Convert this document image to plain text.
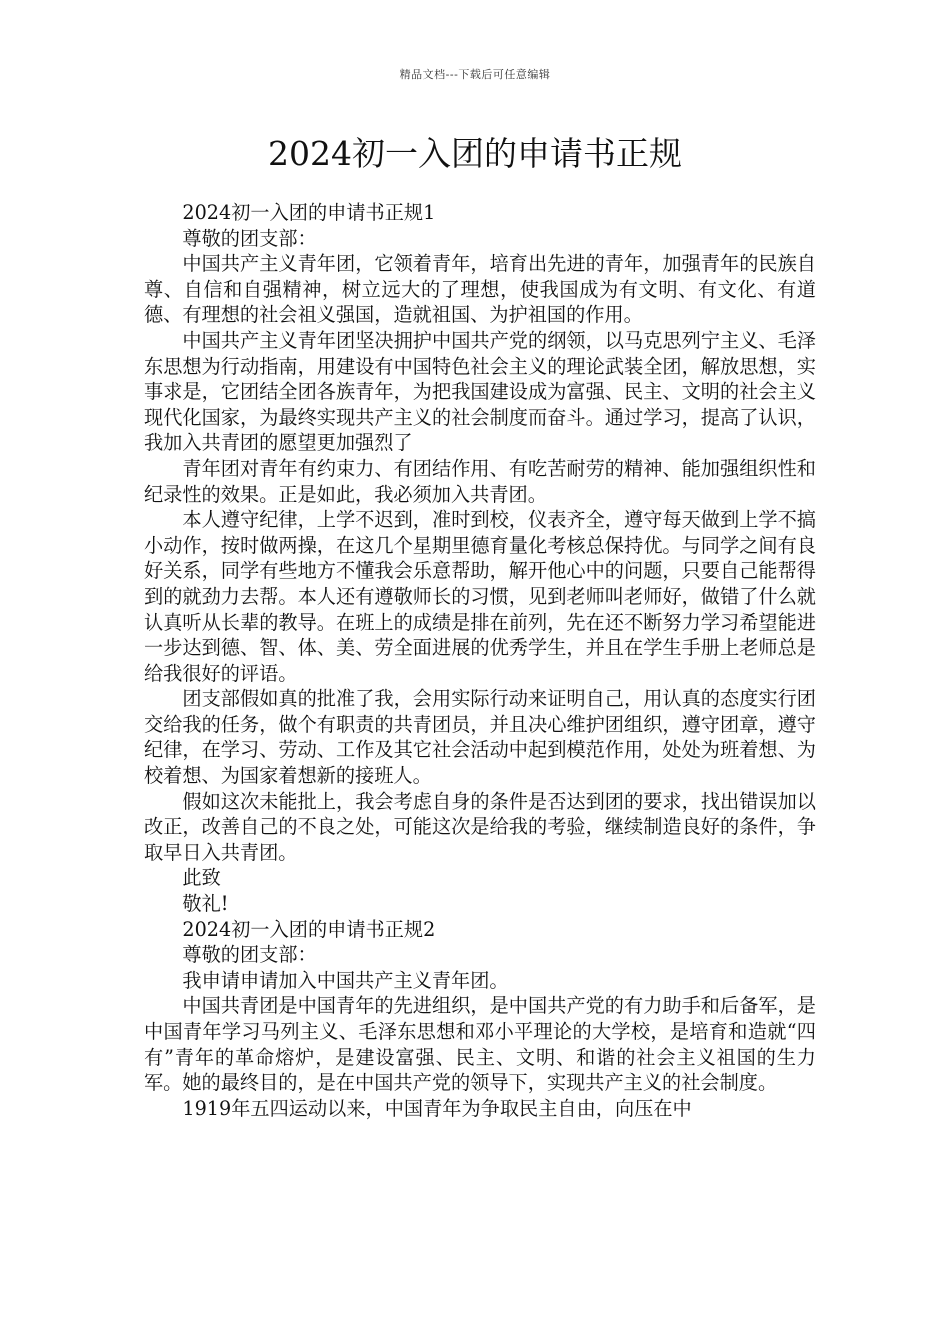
精品文档---下载后可任意编辑
2024初一入团的申请书正规

2024初一入团的申请书正规1

尊敬的团支部：

中国共产主义青年团，它领着青年，培育出先进的青年，加强青年的民族自尊、自信和自强精神，树立远大的了理想，使我国成为有文明、有文化、有道德、有理想的社会祖义强国，造就祖国、为护祖国的作用。

中国共产主义青年团坚决拥护中国共产党的纲领，以马克思列宁主义、毛泽东思想为行动指南，用建设有中国特色社会主义的理论武装全团，解放思想，实事求是，它团结全团各族青年，为把我国建设成为富强、民主、文明的社会主义现代化国家，为最终实现共产主义的社会制度而奋斗。通过学习，提高了认识，我加入共青团的愿望更加强烈了

青年团对青年有约束力、有团结作用、有吃苦耐劳的精神、能加强组织性和纪录性的效果。正是如此，我必须加入共青团。

本人遵守纪律，上学不迟到，准时到校，仪表齐全，遵守每天做到上学不搞小动作，按时做两操，在这几个星期里德育量化考核总保持优。与同学之间有良好关系，同学有些地方不懂我会乐意帮助，解开他心中的问题，只要自己能帮得到的就劲力去帮。本人还有遵敬师长的习惯，见到老师叫老师好，做错了什么就认真听从长辈的教导。在班上的成绩是排在前列，先在还不断努力学习希望能进一步达到德、智、体、美、劳全面进展的优秀学生，并且在学生手册上老师总是给我很好的评语。

团支部假如真的批准了我，会用实际行动来证明自己，用认真的态度实行团交给我的任务，做个有职责的共青团员，并且决心维护团组织，遵守团章，遵守纪律，在学习、劳动、工作及其它社会活动中起到模范作用，处处为班着想、为校着想、为国家着想新的接班人。

假如这次未能批上，我会考虑自身的条件是否达到团的要求，找出错误加以改正，改善自己的不良之处，可能这次是给我的考验，继续制造良好的条件，争取早日入共青团。

此致

敬礼!

2024初一入团的申请书正规2

尊敬的团支部：

我申请申请加入中国共产主义青年团。

中国共青团是中国青年的先进组织，是中国共产党的有力助手和后备军，是中国青年学习马列主义、毛泽东思想和邓小平理论的大学校，是培育和造就“四有”青年的革命熔炉，是建设富强、民主、文明、和谐的社会主义祖国的生力军。她的最终目的，是在中国共产党的领导下，实现共产主义的社会制度。

1919年五四运动以来，中国青年为争取民主自由，向压在中
